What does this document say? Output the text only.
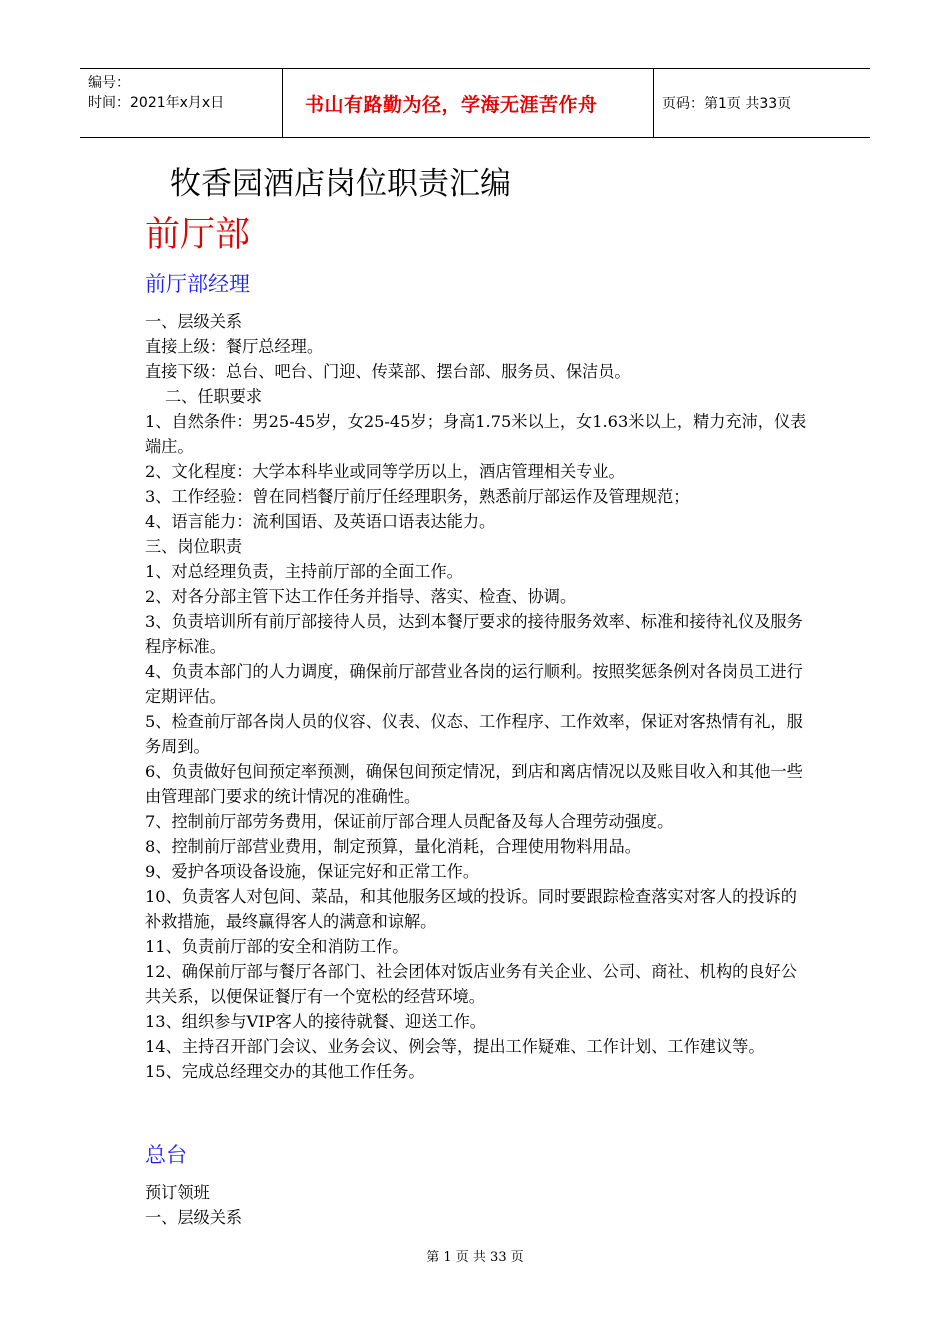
编号：
时间：2021年x月x日	书山有路勤为径，学海无涯苦作舟	页码：第1页 共33页
牧香园酒店岗位职责汇编
前厅部
前厅部经理

一、层级关系

直接上级：餐厅总经理。

直接下级：总台、吧台、门迎、传菜部、摆台部、服务员、保洁员。

二、任职要求

1、自然条件：男25-45岁，女25-45岁；身高1.75米以上，女1.63米以上，精力充沛，仪表端庄。

2、文化程度：大学本科毕业或同等学历以上，酒店管理相关专业。

3、工作经验：曾在同档餐厅前厅任经理职务，熟悉前厅部运作及管理规范；

4、语言能力：流利国语、及英语口语表达能力。

三、岗位职责

1、对总经理负责，主持前厅部的全面工作。

2、对各分部主管下达工作任务并指导、落实、检查、协调。

3、负责培训所有前厅部接待人员，达到本餐厅要求的接待服务效率、标准和接待礼仪及服务程序标准。

4、负责本部门的人力调度，确保前厅部营业各岗的运行顺利。按照奖惩条例对各岗员工进行定期评估。

5、检查前厅部各岗人员的仪容、仪表、仪态、工作程序、工作效率，保证对客热情有礼，服务周到。

6、负责做好包间预定率预测，确保包间预定情况，到店和离店情况以及账目收入和其他一些由管理部门要求的统计情况的准确性。

7、控制前厅部劳务费用，保证前厅部合理人员配备及每人合理劳动强度。

8、控制前厅部营业费用，制定预算，量化消耗，合理使用物料用品。

9、爱护各项设备设施，保证完好和正常工作。

10、负责客人对包间、菜品，和其他服务区域的投诉。同时要跟踪检查落实对客人的投诉的补救措施，最终赢得客人的满意和谅解。

11、负责前厅部的安全和消防工作。

12、确保前厅部与餐厅各部门、社会团体对饭店业务有关企业、公司、商社、机构的良好公共关系，以便保证餐厅有一个宽松的经营环境。

13、组织参与VIP客人的接待就餐、迎送工作。

14、主持召开部门会议、业务会议、例会等，提出工作疑难、工作计划、工作建议等。

15、完成总经理交办的其他工作任务。

总台

预订领班

一、层级关系

第 1 页 共 33 页
